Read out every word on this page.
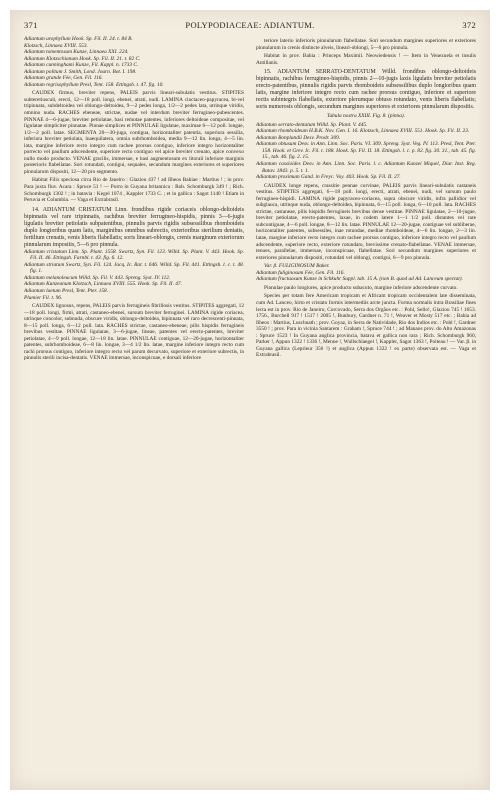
371	POLYPODIACEAE: ADIANTUM.	372

Adiantum urophyllum Hook. Sp. Fil. II. 24. t. 84 B.

Klotzsch, Linnaea XVIII. 553.

Adiantum tomentosum Kunze, Linnaea XXI. 224.

Adiantum Klotzschianum Hook. Sp. Fil. II. 21. t. 82 C.

Adiantum cunninghami Kunze, Fil. Kappl. n. 1733 C.

Adiantum politum J. Smith, Lond. Journ. Bot. I. 198.

Adiantum grande Fée, Gen. Fil. 116.

Adiantum regrisophyllum Presl, Tent. 158. Ettingsh. t. 47. fig. 10.

CAUDEX firmus, breviter repens, PALEIS parvis lineari-subulatis vestitus. STIPITES subteretiusculi, erecti, 12—18 poll. longi, ebenei, atrati, nudi. LAMINA cinctaceo-papyracea, bi-vel tripinnata, subdeltoidea vel oblongo-deltoidea, 9—2 pedes longa, 1/2—2 pedes lata, utrinque viridis, omnino nuda. RACHES ebeneae, strictae, nudae vel interdum breviter ferrugineo-pubescentes. PINNAE 4—6-jugae, breviter petiolatae, basi remotae patentes, inferiores deltoideae compositae, vel ligulatae simpliciter pinnatae. Pinnae simplices et PINNULAE ligulatae, maximae 6—12 poll. longae, 1/2—2 poll. latae. SEGMENTA 20—30-juga, contigua, horizontaliter patentia, superiora sessilia, inferiora breviter petiolata, inaequilatera, omnia subrhomboidea, media 9—12 lin. longa, 4—5 lin. lata, margine inferiore recto integro cum rachee prorsus contiguo, inferiore integro horizontaliter porrecto vel paullum adscendente, superiore recto contiguo vel apice breviter crenato, apice convexo nullo modo producto. VENAE gracilis, immersae, e basi augmentosum ex litorali inferiore marginis posterioris flabellatae. Sori rotundati, contigui, sequales, secundum margines exteriores et superiores pinnularum dispositi, 12—20 pro segmento.

Habitat Filix speciosa circa Rio de Janeiro : Glaziou 437 ! ad Ilheos Bahiae : Martius ! ; in prov. Para juxta fluv. Acara : Spruce 51 ! — Porro in Guyana britannica : Rob. Schomburgk 349 ! ; Rich. Schomburgk 1302 ! ; in batavia : Kegel 1074 , Kappler 1733 C. ; et in gallica : Sagot 1140 ! Etiam in Peruvia et Columbia. — Vaga et Extrabrasil.

14. ADIANTUM CRISTATUM Linn. frondibus rigide coriaceis oblongo-deltoideis bipinnatis vel rare tripinnatis, rachibus breviter ferrugineo-hispidis, pinnis 3—6-jugis ligulatis breviter petiolatis subpatentibus, pinnulis parvis rigidis subsessilibus rhomboideis duplo longioribus quam latis, marginibus omnibus subrectis, exterioribus sterilium dentatis, fertilium crenatis, venis liberis flabellatis; soris lineari-oblongis, crenis marginum exteriorum pinnularum impositis, 5—6 pro pinnula.

Adiantum cristatum Linn. Sp. Plant. 1558. Swartz, Syn. Fil. 123. Willd. Sp. Plant. V. 443. Hook. Sp. Fil. II. 46. Ettingsh. Farnbl. t. 43. fig. 6. 12.

Adiantum striatum Swartz, Syn. Fil. 124. Jacq. Ic. Rar. t. 646. Willd. Sp. Fil. 441. Ettingsh. l. c. t. 48. fig. 1.

Adiantum melanoleucum Willd. Sp. Fil. V. 443. Spreng. Syst. IV. 112.

Adiantum Kunzeanum Klotzsch, Linnaea XVIII. 555. Hook. Sp. Fil. II. 47.

Adiantum laetum Presl, Tent. Pter. 158.

Plumier Fil. t. 96.

CAUDEX lignosus, repens, PALEIS parvis ferrugineis fibrillosis vestitus. STIPITES aggregati, 12—18 poll. longi, firmi, atrati, castaneo-ebenei, sursum breviter ferruginei. LAMINA rigide coriacea, utrinque concolor, subnuda, obscure viridis, oblongo-deltoidea, bipinnata vel raro decrescenti-pinnata, 8—15 poll. longa, 6—12 poll. lata. RACHES strictae, castaneo-ebeneae, pilis hispidis ferrugineis brevibus vestitae. PINNAE ligulatae, 3—6-jugae, lineae, patentes vel erecto-patentes, breviter petiolatae, 4—9 poll. longae, 12—18 lin. latae. PINNULAE contiguae, 12—20-jugae, horizontaliter patentes, subrhomboideae, 6—8 lin. longae, 3—4 1/2 lin. latae, margine inferiore integro recto cum rachi prorsus contiguo, inferiore integro recto vel parum decurvato, superiore et exteriore subrectis, in pinnulis sterili incisa-dentatis. VENAE immersae, inconspicuae, e dorsali inferiore

teriore laterio inferioris pinnularum flabellatae. Sori secundum margines superiores et exteriores pinnularum in crenis distincte alveis, lineari-oblongi, 5—6 pro pinnula.

Habitat in prov. Bahia : Princeps Maximil. Neowiedensis ! — Item in Venezuela et insulis Antillanis.

15. ADIANTUM SERRATO-DENTATUM Willd. frondibus oblongo-deltoideis bipinnatis, rachibus ferrugineo-hispidis, pinnis 2—10-jugis laxis ligulatis breviter petiolatis erecto-patentibus, pinnulis rigidis parvis rhomboideis subsessilibus duplo longioribus quam latis, margine inferiore integro recto cum rachee prorsus contiguo, inferiore et superiore rectis subintegris flabellatis, exteriore plerumque obtuso rotundato, venis liberis flabellatis; soris numerosis oblongis, secundum margines superiores et exteriores pinnularum dispositis.

Tabula nostra XXIII. Fig. 8. (pinna).

Adiantum serrato-dentatum Willd. Sp. Plant. V. 445.

Adiantum rhomboideum H.B.K. Nov. Gen. I. 16. Klotzsch, Linnaea XVIII. 551. Hook. Sp. Fil. II. 23.

Adiantum Bonplandii Desv. Prodr. 309.

Adiantum obtusum Desv. in Ann. Linn. Soc. Paris. VI. 309. Spreng. Syst. Veg. IV. 113. Presl, Tent. Pter. 158. Hook. et Grev. Ic. Fil. t. 188. Hook. Sp. Fil. II. 18. Ettingsh. l. c. p. 82. fig. 30. 31., tab. 45. fig. 15., tab. 46. fig. 2. 15.

Adiantum cassioides Desv. in Ann. Linn. Soc. Paris. l. c. Adiantum Kunzei Miquel, Diar. Inst. Reg. Batav. 1843. p. 5. t. 1.

Adiantum proximum Gand. in Freyc. Voy. 403. Hook. Sp. Fil. II. 27.

CAUDEX longe repens, crassitie pennae corvinae, PALEIS parvis lineari-subulatis castaneis vestitus. STIPITES aggregati, 6—18 poll. longi, erecti, atrati, ebenei, nudi, vel sursum paulo ferrugineo-hispidi. LAMINA rigide papyraceo-coriacea, supra obscure viridis, infra pallidior vel subglauca, utrinque nuda, oblongo-deltoidea, bipinnata, 6—15 poll. longa, 6—10 poll. lata. RACHES strictae, castaneae, pilis hispidis ferrugineis brevibus dense vestitae. PINNAE ligulatae, 2—10-jugae, breviter petiolatae, erecto-patentes, laxae, in codem latere 1—1 1/2 poll. distantes vel rare subcontiguae, 4—6 poll. longae, 8—12 lin. latae. PINNULAE 12—20-jugae, contiguae vel subliberae, horizontaliter patentes, subsessiles, inae rotundae, mediae rhomboideae, 4—6 lin. longae, 2—3 lin. latae, margine inferiore recto integro cum rachee prorsus contiguo, inferiore integro recto vel paullum adscendente, superiore recto, exteriore rotundato, brevissime crenato-flabellatae. VENAE immersae, tenues, parallelae, immersae, inconspicuae, flabellatae. Sori secundum margines superiores et exteriores pinnularum dispositi, rotundati vel oblongi, contigui, 6—9 pro pinnula.

Var. β. FULIGINOSUM Baker.

Adiantum fuliginosum Fée, Gen. Fil. 116.

Adiantum fructuosum Kunze in Schkuhr Suppl. tab. 15 A. (non B. quod ad Ad. Lanceum spectat).

Pinnulae paulo longiores, apice producto subacuto, margine inferiore adscendente curvato.

Species per totam fere Americam tropicam et Africam tropicam occidentalem late disseminata, cum Ad. Lanceo, hirto et cristato formis intermediis arcte juncta. Forma normalis intra Brasiliae fines lecta est in prov. Rio de Janeiro, Corcovado, Serra dos Orgãos etc. : Pohl, Sello!, Glaziou 745 ! 1653. 1756., Burchell 917 ! 1517 ! 2005 !, Bunbury, Gardner n. 71 !, Weaver et Mosty 517 etc. ; Bahia ad Ilheos : Martius, Luschnath ; prov. Goyaz, in Serra de Natividade, Rio dos Indios etc. : Pohl !, Gardner 3550 ! ; prov. Para in vicinia Santarem : Graham !, Spruce 744 ! ; ad Manaos prov. do Alto Amazonas : Spruce 1523 ! In Guyana anglica provincia, batava et gallica non rara ; Rich. Schomburgk 960, Parker !, Appun 1322 ! 1336 !, Menne !, Wullschlaegel !, Kappler, Sagot 1363 !, Poiteau ! — Var. β. in Guyana gallica (Leprieur 356 !) et anglica (Appun 1322 ! ex parte) observata est. — Vaga et Extrabrasil.
